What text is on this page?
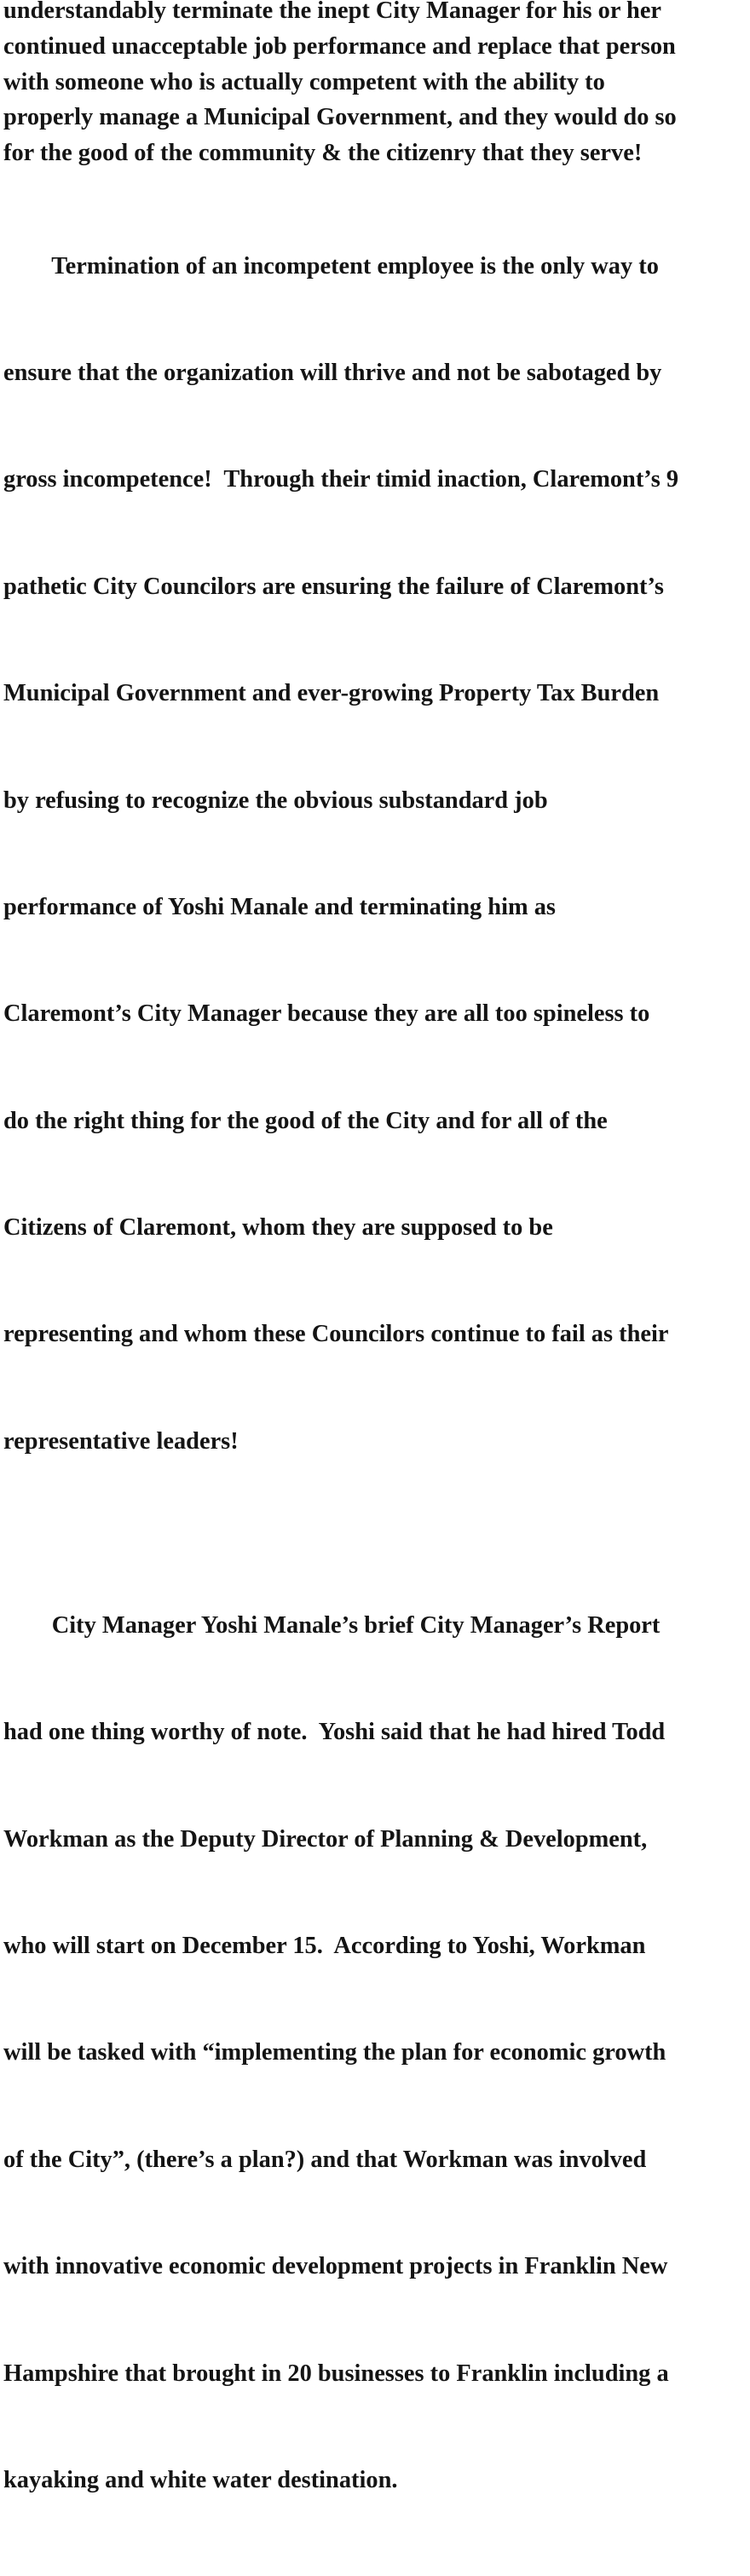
understandably terminate the inept City Manager for his or her
continued unacceptable job performance and replace that person
with someone who is actually competent with the ability to
properly manage a Municipal Government, and they would do so
for the good of the community & the citizenry that they serve!

Termination of an incompetent employee is the only way to

ensure that the organization will thrive and not be sabotaged by

gross incompetence!  Through their timid inaction, Claremont’s 9

pathetic City Councilors are ensuring the failure of Claremont’s

Municipal Government and ever-growing Property Tax Burden

by refusing to recognize the obvious substandard job

performance of Yoshi Manale and terminating him as

Claremont’s City Manager because they are all too spineless to

do the right thing for the good of the City and for all of the

Citizens of Claremont, whom they are supposed to be

representing and whom these Councilors continue to fail as their

representative leaders!

City Manager Yoshi Manale’s brief City Manager’s Report

had one thing worthy of note.  Yoshi said that he had hired Todd

Workman as the Deputy Director of Planning & Development,

who will start on December 15.  According to Yoshi, Workman

will be tasked with “implementing the plan for economic growth

of the City”, (there’s a plan?) and that Workman was involved

with innovative economic development projects in Franklin New

Hampshire that brought in 20 businesses to Franklin including a

kayaking and white water destination.
